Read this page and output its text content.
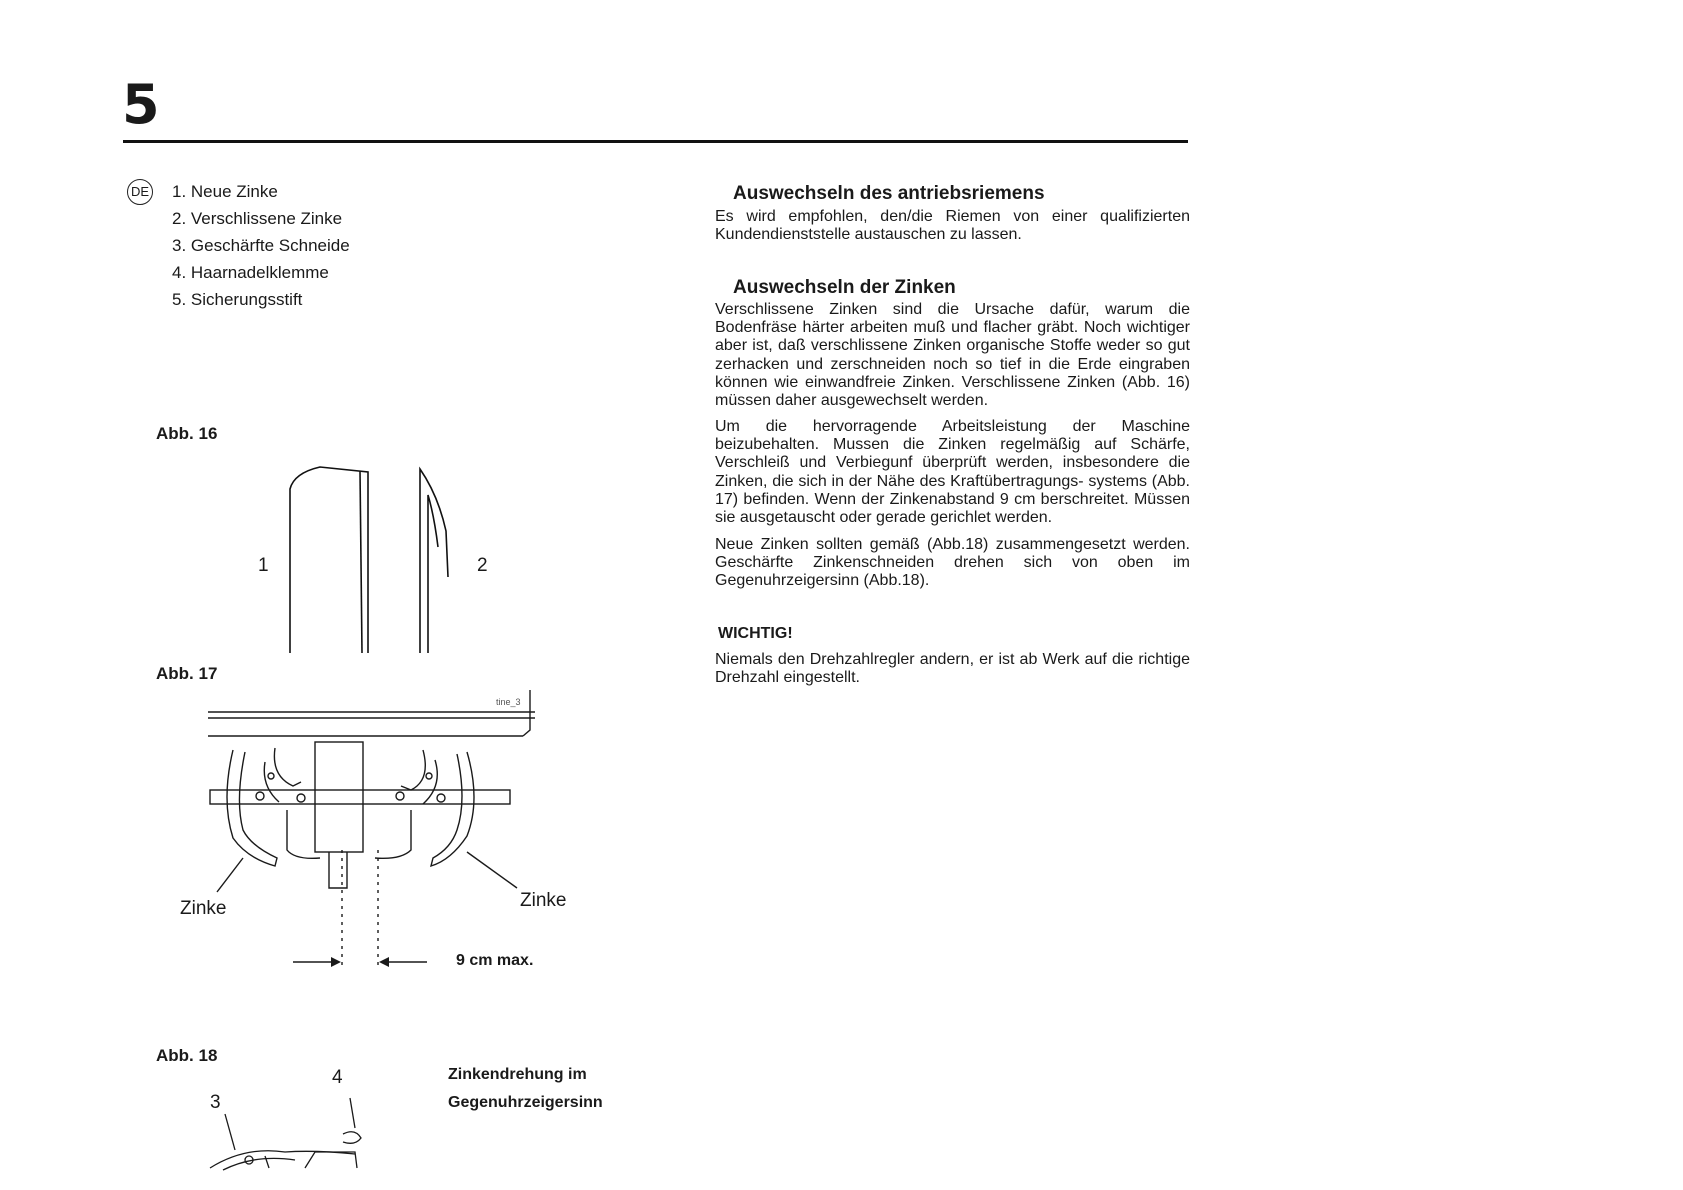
5
DE 1. Neue Zinke
2. Verschlissene Zinke
3. Geschärfte Schneide
4. Haarnadelklemme
5. Sicherungsstift
Abb. 16
1	2
Abb. 17
tine_3
Zinke	Zinke
9 cm max.
Abb. 18
3
4	Zinkendrehung im
Gegenuhrzeigersinn
Auswechseln des antriebsriemens

Es wird empfohlen, den/die Riemen von einer qualifizierten Kundendienststelle austauschen zu lassen.

Auswechseln der Zinken

Verschlissene Zinken sind die Ursache dafür, warum die Bodenfräse härter arbeiten muß und flacher gräbt. Noch wichtiger aber ist, daß verschlissene Zinken organische Stoffe weder so gut zerhacken und zerschneiden noch so tief in die Erde eingraben können wie einwandfreie Zinken. Verschlissene Zinken (Abb. 16) müssen daher ausgewechselt werden.

Um die hervorragende Arbeitsleistung der Maschine beizubehalten. Mussen die Zinken regelmäßig auf Schärfe, Verschleiß und Verbiegunf überprüft werden, insbesondere die Zinken, die sich in der Nähe des Kraftübertragungs- systems (Abb. 17) befinden. Wenn der Zinkenabstand 9 cm berschreitet. Müssen sie ausgetauscht oder gerade gerichlet werden.

Neue Zinken sollten gemäß (Abb.18) zusammengesetzt werden. Geschärfte Zinkenschneiden drehen sich von oben im Gegenuhrzeigersinn (Abb.18).

WICHTIG!

Niemals den Drehzahlregler andern, er ist ab Werk auf die richtige Drehzahl eingestellt.
